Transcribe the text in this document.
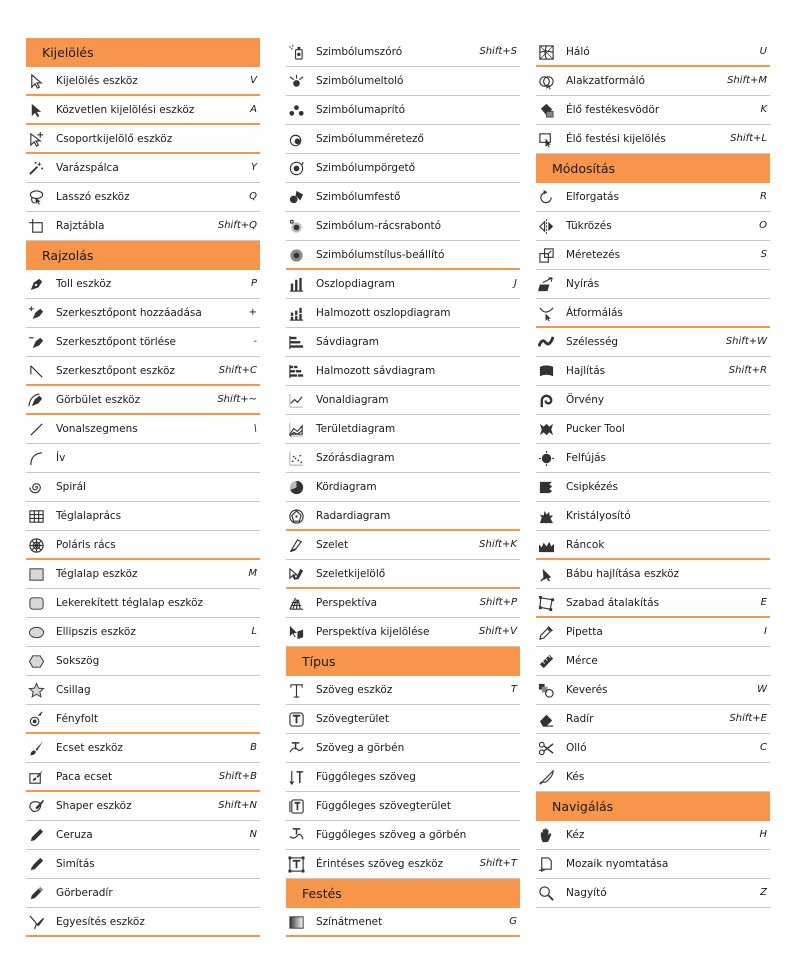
Kijelölés
Kijelölés eszköz	V
Közvetlen kijelölési eszköz	A
Csoportkijelölő eszköz
Varázspálca	Y
Lasszó eszköz	Q
Rajztábla	Shift+Q
Rajzolás
Toll eszköz	P
Szerkesztőpont hozzáadása	+
Szerkesztőpont törlése	-
Szerkesztőpont eszköz	Shift+C
Görbület eszköz	Shift+~
Vonalszegmens	\
Ív
Spirál
Téglalaprács
Poláris rács
Téglalap eszköz	M
Lekerekített téglalap eszköz
Ellipszis eszköz	L
Sokszög
Csillag
Fényfolt
Ecset eszköz	B
Paca ecset	Shift+B
Shaper eszköz	Shift+N
Ceruza	N
Simítás
Görberadír
Egyesítés eszköz
Szimbólumszóró	Shift+S
Szimbólumeltoló
Szimbólumaprító
Szimbólumméretező
Szimbólumpörgető
Szimbólumfestő
Szimbólum-rácsrabontó
Szimbólumstílus-beállító
Oszlopdiagram	J
Halmozott oszlopdiagram
Sávdiagram
Halmozott sávdiagram
Vonaldiagram
Területdiagram
Szórásdiagram
Kördiagram
Radardiagram
Szelet	Shift+K
Szeletkijelölő
Perspektíva	Shift+P
Perspektíva kijelölése	Shift+V
Típus
Szöveg eszköz	T
Szövegterület
Szöveg a görbén
Függőleges szöveg
Függőleges szövegterület
Függőleges szöveg a görbén
Érintéses szöveg eszköz	Shift+T
Festés
Színátmenet	G
Háló	U
Alakzatformáló	Shift+M
Élő festékesvödör	K
Élő festési kijelölés	Shift+L
Módosítás
Elforgatás	R
Tükrözés	O
Méretezés	S
Nyírás
Átformálás
Szélesség	Shift+W
Hajlítás	Shift+R
Örvény
Pucker Tool
Felfújás
Csipkézés
Kristályosító
Ráncok
Bábu hajlítása eszköz
Szabad átalakítás	E
Pipetta	I
Mérce
Keverés	W
Radír	Shift+E
Olló	C
Kés
Navigálás
Kéz	H
Mozaik nyomtatása
Nagyító	Z
